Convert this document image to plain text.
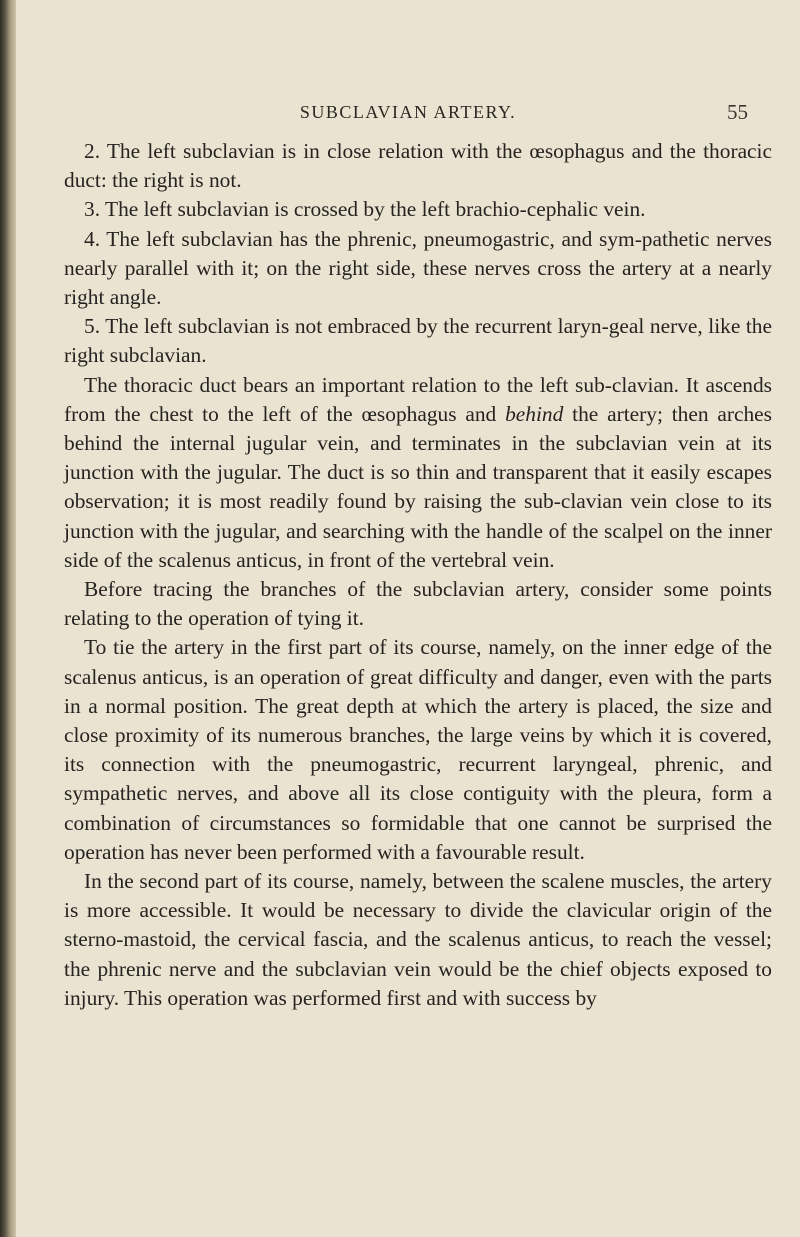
SUBCLAVIAN ARTERY.	55

2. The left subclavian is in close relation with the œsophagus and the thoracic duct: the right is not.

3. The left subclavian is crossed by the left brachio-cephalic vein.

4. The left subclavian has the phrenic, pneumogastric, and sym-pathetic nerves nearly parallel with it; on the right side, these nerves cross the artery at a nearly right angle.

5. The left subclavian is not embraced by the recurrent laryn-geal nerve, like the right subclavian.

The thoracic duct bears an important relation to the left sub-clavian. It ascends from the chest to the left of the œsophagus and behind the artery; then arches behind the internal jugular vein, and terminates in the subclavian vein at its junction with the jugular. The duct is so thin and transparent that it easily escapes observation; it is most readily found by raising the sub-clavian vein close to its junction with the jugular, and searching with the handle of the scalpel on the inner side of the scalenus anticus, in front of the vertebral vein.

Before tracing the branches of the subclavian artery, consider some points relating to the operation of tying it.

To tie the artery in the first part of its course, namely, on the inner edge of the scalenus anticus, is an operation of great difficulty and danger, even with the parts in a normal position. The great depth at which the artery is placed, the size and close proximity of its numerous branches, the large veins by which it is covered, its connection with the pneumogastric, recurrent laryngeal, phrenic, and sympathetic nerves, and above all its close contiguity with the pleura, form a combination of circumstances so formidable that one cannot be surprised the operation has never been performed with a favourable result.

In the second part of its course, namely, between the scalene muscles, the artery is more accessible. It would be necessary to divide the clavicular origin of the sterno-mastoid, the cervical fascia, and the scalenus anticus, to reach the vessel; the phrenic nerve and the subclavian vein would be the chief objects exposed to injury. This operation was performed first and with success by
